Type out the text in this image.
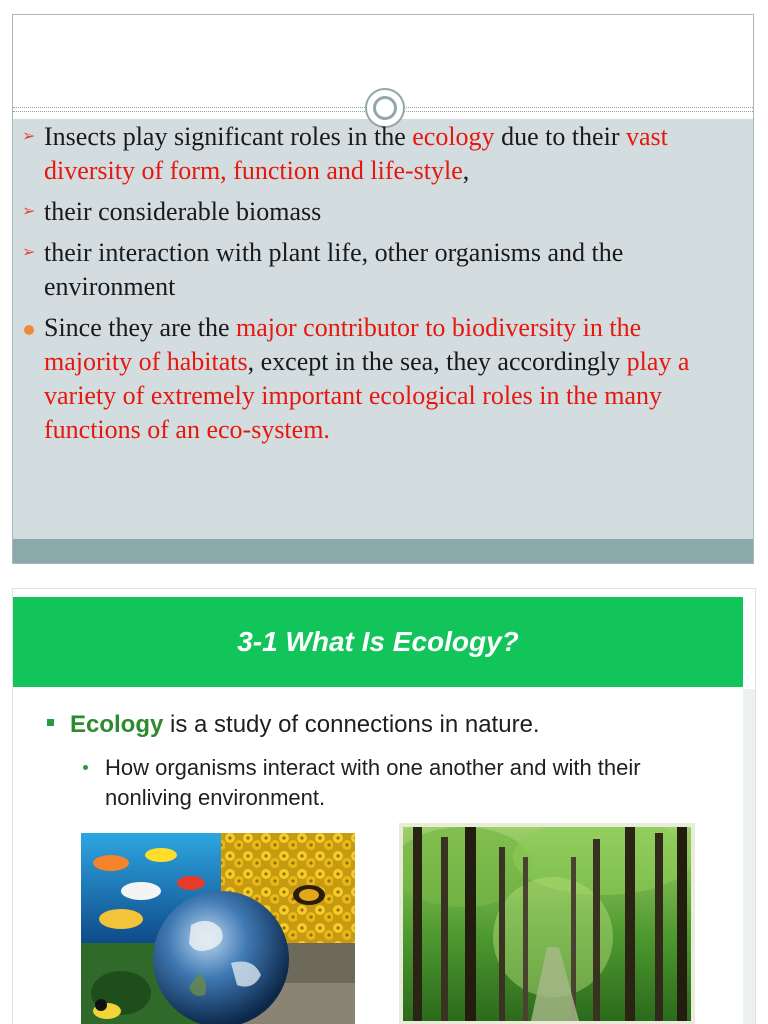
➢ Insects play significant roles in the ecology due to their vast diversity of form, function and life-style,
➢ their considerable biomass
➢ their interaction with plant life, other organisms and the environment
Since they are the major contributor to biodiversity in the majority of habitats, except in the sea, they accordingly play a variety of extremely important ecological roles in the many functions of an eco-system.
3-1 What Is Ecology?
Ecology is a study of connections in nature.
How organisms interact with one another and with their nonliving environment.
